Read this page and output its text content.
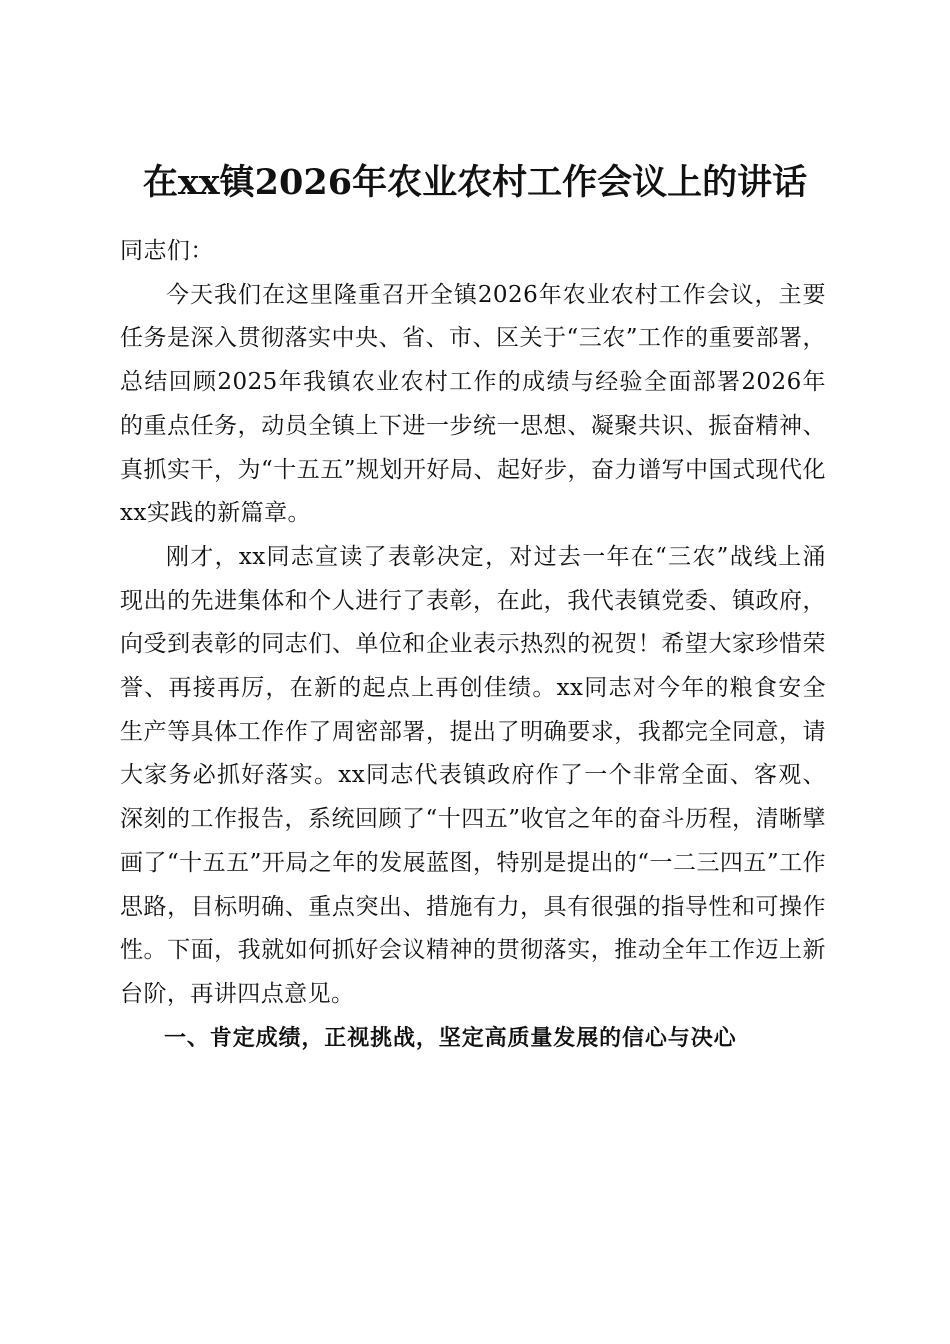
在xx镇2026年农业农村工作会议上的讲话

同志们：

今天我们在这里隆重召开全镇2026年农业农村工作会议，主要任务是深入贯彻落实中央、省、市、区关于“三农”工作的重要部署，总结回顾2025年我镇农业农村工作的成绩与经验全面部署2026年的重点任务，动员全镇上下进一步统一思想、凝聚共识、振奋精神、真抓实干，为“十五五”规划开好局、起好步，奋力谱写中国式现代化xx实践的新篇章。

刚才，xx同志宣读了表彰决定，对过去一年在“三农”战线上涌现出的先进集体和个人进行了表彰，在此，我代表镇党委、镇政府，向受到表彰的同志们、单位和企业表示热烈的祝贺！希望大家珍惜荣誉、再接再厉，在新的起点上再创佳绩。xx同志对今年的粮食安全生产等具体工作作了周密部署，提出了明确要求，我都完全同意，请大家务必抓好落实。xx同志代表镇政府作了一个非常全面、客观、深刻的工作报告，系统回顾了“十四五”收官之年的奋斗历程，清晰擘画了“十五五”开局之年的发展蓝图，特别是提出的“一二三四五”工作思路，目标明确、重点突出、措施有力，具有很强的指导性和可操作性。下面，我就如何抓好会议精神的贯彻落实，推动全年工作迈上新台阶，再讲四点意见。

一、肯定成绩，正视挑战，坚定高质量发展的信心与决心
